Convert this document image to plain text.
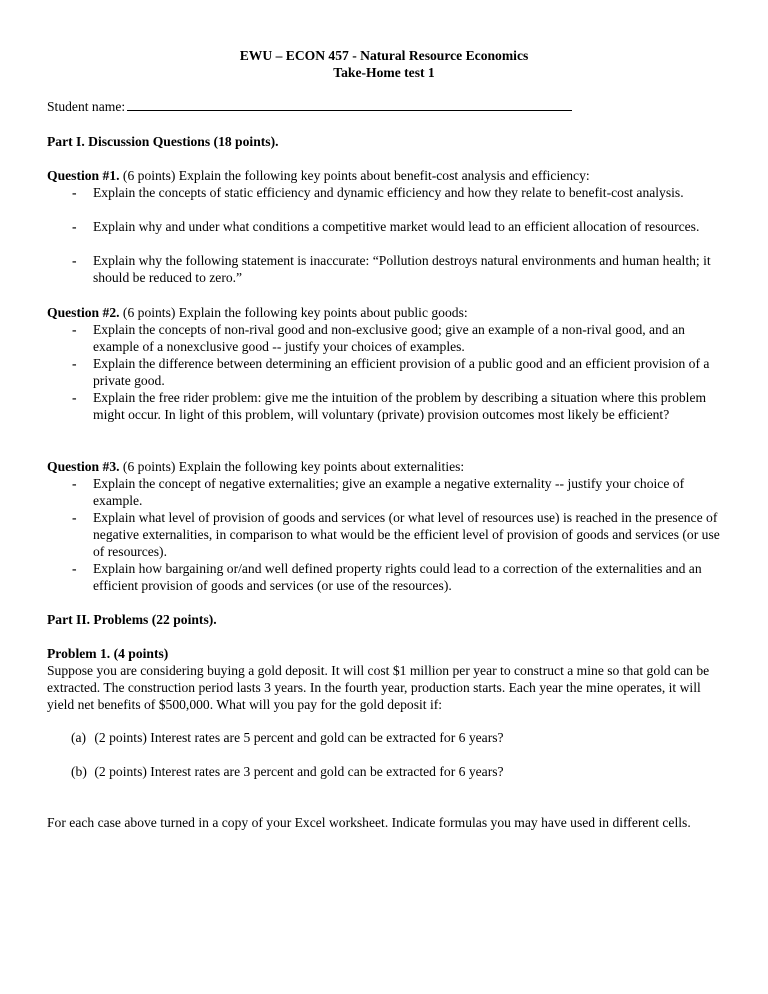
EWU – ECON 457 - Natural Resource Economics
Take-Home test 1
Student name:
Part I. Discussion Questions (18 points).
Question #1. (6 points) Explain the following key points about benefit-cost analysis and efficiency:
- Explain the concepts of static efficiency and dynamic efficiency and how they relate to benefit-cost analysis.
- Explain why and under what conditions a competitive market would lead to an efficient allocation of resources.
- Explain why the following statement is inaccurate: “Pollution destroys natural environments and human health; it should be reduced to zero.”
Question #2. (6 points) Explain the following key points about public goods:
- Explain the concepts of non-rival good and non-exclusive good; give an example of a non-rival good, and an example of a nonexclusive good -- justify your choices of examples.
- Explain the difference between determining an efficient provision of a public good and an efficient provision of a private good.
- Explain the free rider problem: give me the intuition of the problem by describing a situation where this problem might occur. In light of this problem, will voluntary (private) provision outcomes most likely be efficient?
Question #3. (6 points) Explain the following key points about externalities:
- Explain the concept of negative externalities; give an example a negative externality -- justify your choice of example.
- Explain what level of provision of goods and services (or what level of resources use) is reached in the presence of negative externalities, in comparison to what would be the efficient level of provision of goods and services (or use of resources).
- Explain how bargaining or/and well defined property rights could lead to a correction of the externalities and an efficient provision of goods and services (or use of the resources).
Part II. Problems (22 points).
Problem 1. (4 points)
Suppose you are considering buying a gold deposit. It will cost $1 million per year to construct a mine so that gold can be extracted. The construction period lasts 3 years. In the fourth year, production starts. Each year the mine operates, it will yield net benefits of $500,000. What will you pay for the gold deposit if:
(a) (2 points) Interest rates are 5 percent and gold can be extracted for 6 years?
(b) (2 points) Interest rates are 3 percent and gold can be extracted for 6 years?
For each case above turned in a copy of your Excel worksheet. Indicate formulas you may have used in different cells.
